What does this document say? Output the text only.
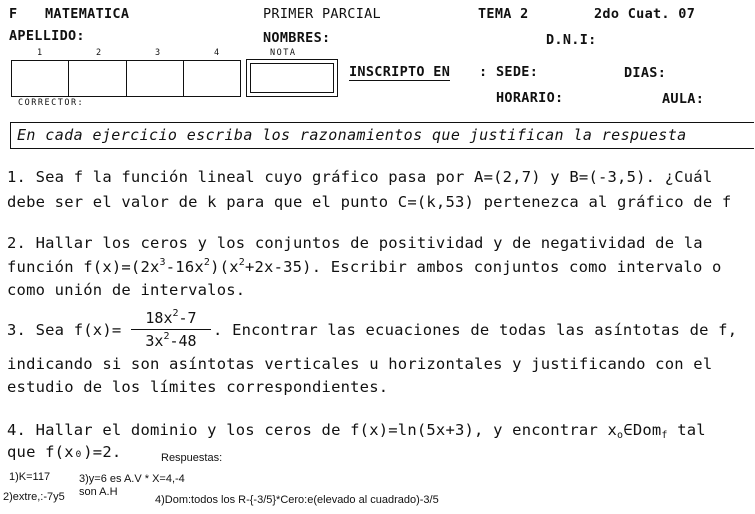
F MATEMATICA	PRIMER PARCIAL	TEMA 2	2do Cuat. 07
APELLIDO:	NOMBRES:	D.N.I:
1	2	3	4	NOTA
INSCRIPTO EN : SEDE:	DIAS:
HORARIO:	AULA:
CORRECTOR:
En cada ejercicio escriba los razonamientos que justifican la respuesta
1. Sea f la función lineal cuyo gráfico pasa por A=(2,7) y B=(-3,5). ¿Cuál
debe ser el valor de k para que el punto C=(k,53) pertenezca al gráfico de f
2. Hallar los ceros y los conjuntos de positividad y de negatividad de la
función $f(x)=(2x^3-16x^2)(x^2+2x-35)$. Escribir ambos conjuntos como intervalo o
como unión de intervalos.
3. Sea $f(x)= \frac{18x^2-7}{3x^2-48}$ . Encontrar las ecuaciones de todas las asíntotas de f,
indicando si son asíntotas verticales u horizontales y justificando con el
estudio de los límites correspondientes.
4. Hallar el dominio y los ceros de f(x)=ln(5x+3), y encontrar $x_o\in Dom_f$ tal
que f(x₀)=2.	Respuestas:
1)K=117	3)y=6 es A.V * X=4,-4
son A.H
2)extre,:-7y5	4)Dom:todos los R-{-3/5}*Cero:e(elevado al cuadrado)-3/5
